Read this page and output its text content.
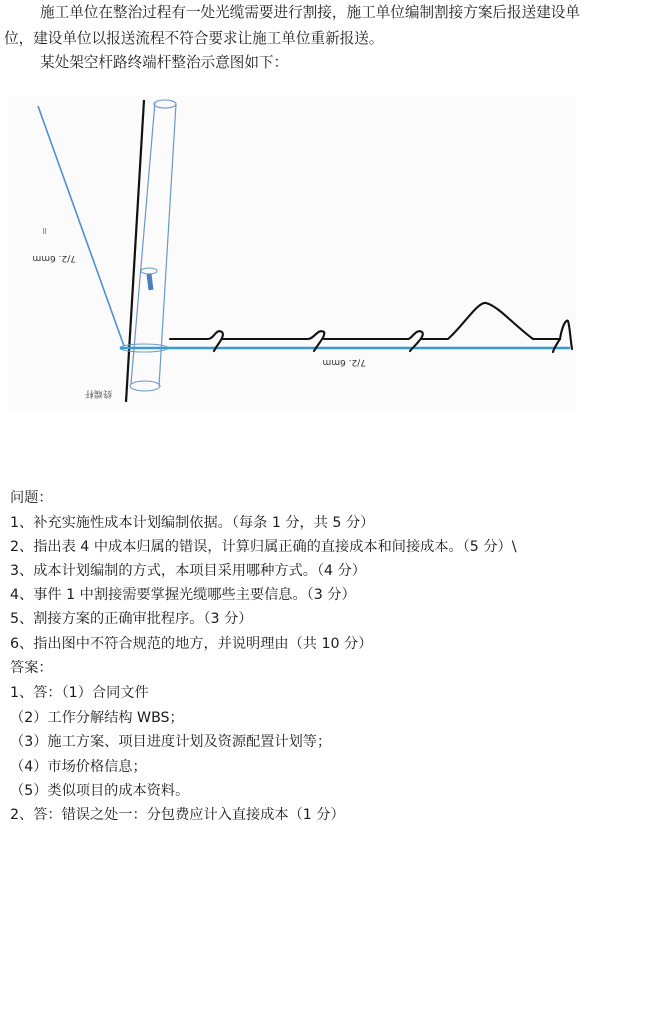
施工单位在整治过程有一处光缆需要进行割接，施工单位编制割接方案后报送建设单
位，建设单位以报送流程不符合要求让施工单位重新报送。
某处架空杆路终端杆整治示意图如下：
7/2. 6mm
7/2. 6mm
終端杆
⠿
问题：
1、补充实施性成本计划编制依据。（每条 1 分，共 5 分）
2、指出表 4 中成本归属的错误，计算归属正确的直接成本和间接成本。（5 分）\
3、成本计划编制的方式，本项目采用哪种方式。（4 分）
4、事件 1 中割接需要掌握光缆哪些主要信息。（3 分）
5、割接方案的正确审批程序。（3 分）
6、指出图中不符合规范的地方，并说明理由（共 10 分）
答案：
1、答：（1）合同文件
（2）工作分解结构 WBS；
（3）施工方案、项目进度计划及资源配置计划等；
（4）市场价格信息；
（5）类似项目的成本资料。
2、答：错误之处一：分包费应计入直接成本（1 分）
